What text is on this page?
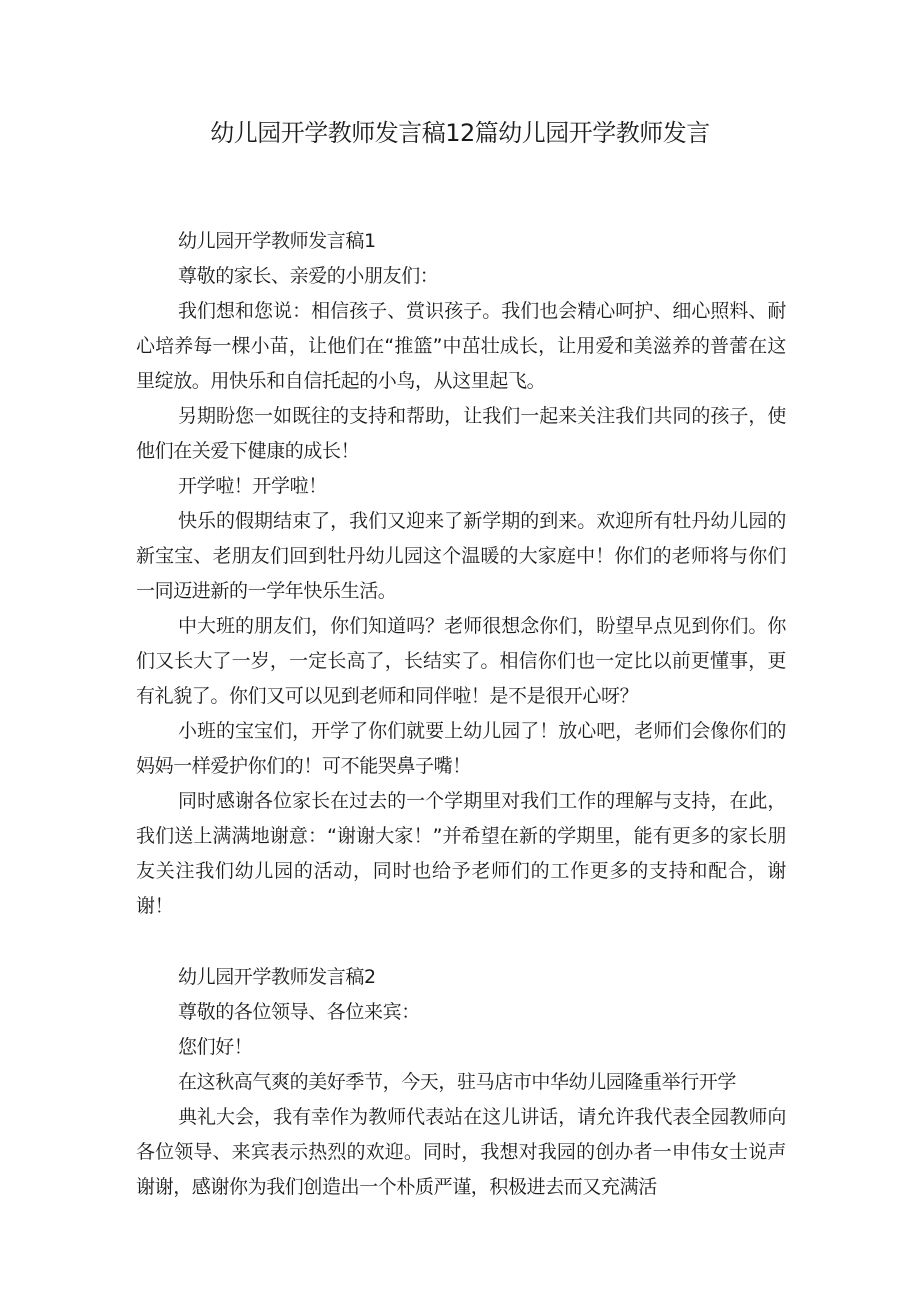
幼儿园开学教师发言稿12篇幼儿园开学教师发言

幼儿园开学教师发言稿1

尊敬的家长、亲爱的小朋友们：

我们想和您说：相信孩子、赏识孩子。我们也会精心呵护、细心照料、耐心培养每一棵小苗，让他们在“推篮”中茁壮成长，让用爱和美滋养的普蕾在这里绽放。用快乐和自信托起的小鸟，从这里起飞。

另期盼您一如既往的支持和帮助，让我们一起来关注我们共同的孩子，使他们在关爱下健康的成长！

开学啦！开学啦！

快乐的假期结束了，我们又迎来了新学期的到来。欢迎所有牡丹幼儿园的新宝宝、老朋友们回到牡丹幼儿园这个温暖的大家庭中！你们的老师将与你们一同迈进新的一学年快乐生活。

中大班的朋友们，你们知道吗？老师很想念你们，盼望早点见到你们。你们又长大了一岁，一定长高了，长结实了。相信你们也一定比以前更懂事，更有礼貌了。你们又可以见到老师和同伴啦！是不是很开心呀？

小班的宝宝们，开学了你们就要上幼儿园了！放心吧，老师们会像你们的妈妈一样爱护你们的！可不能哭鼻子嘴！

同时感谢各位家长在过去的一个学期里对我们工作的理解与支持，在此，我们送上满满地谢意：“谢谢大家！”并希望在新的学期里，能有更多的家长朋友关注我们幼儿园的活动，同时也给予老师们的工作更多的支持和配合，谢谢！

幼儿园开学教师发言稿2

尊敬的各位领导、各位来宾：

您们好！

在这秋高气爽的美好季节，今天，驻马店市中华幼儿园隆重举行开学

典礼大会，我有幸作为教师代表站在这儿讲话，请允许我代表全园教师向各位领导、来宾表示热烈的欢迎。同时，我想对我园的创办者一申伟女士说声谢谢，感谢你为我们创造出一个朴质严谨，积极进去而又充满活
